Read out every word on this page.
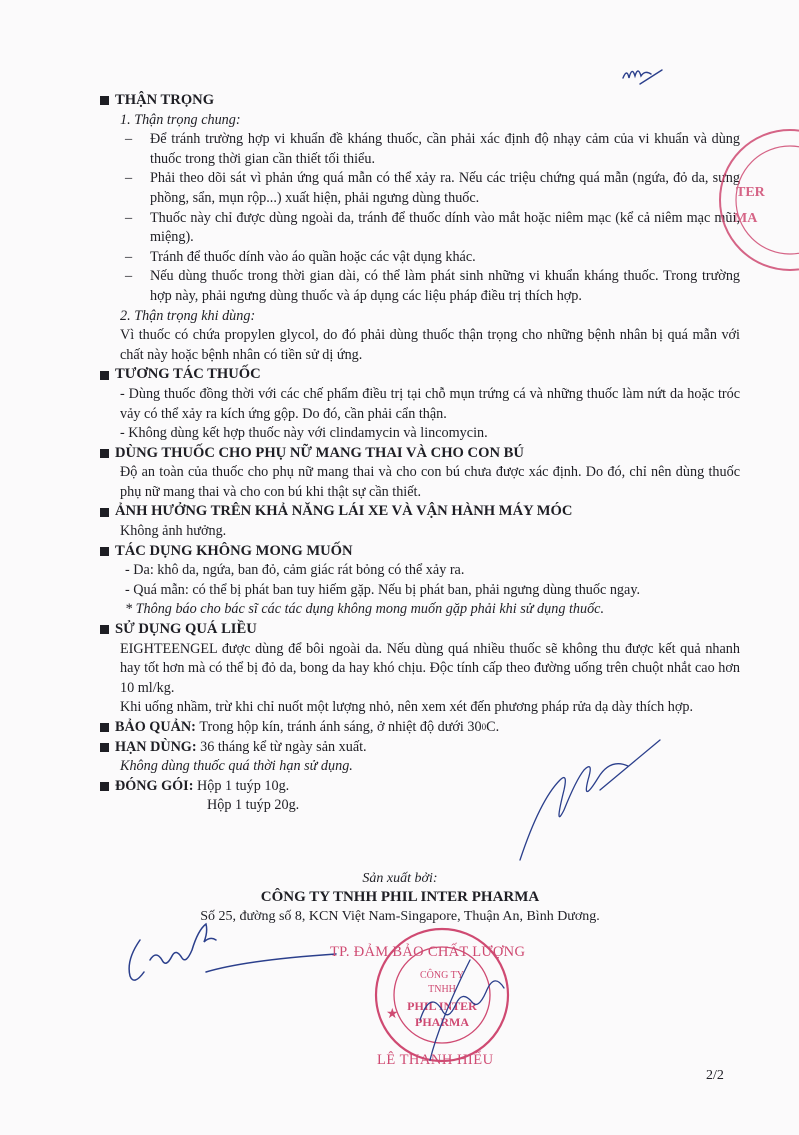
THẬN TRỌNG
1. Thận trọng chung:
– Để tránh trường hợp vi khuẩn đề kháng thuốc, cần phải xác định độ nhạy cảm của vi khuẩn và dùng thuốc trong thời gian cần thiết tối thiểu.
– Phải theo dõi sát vì phản ứng quá mẫn có thể xảy ra. Nếu các triệu chứng quá mẫn (ngứa, đỏ da, sưng phồng, sẩn, mụn rộp...) xuất hiện, phải ngưng dùng thuốc.
– Thuốc này chỉ được dùng ngoài da, tránh để thuốc dính vào mắt hoặc niêm mạc (kể cả niêm mạc mũi, miệng).
– Tránh để thuốc dính vào áo quần hoặc các vật dụng khác.
– Nếu dùng thuốc trong thời gian dài, có thể làm phát sinh những vi khuẩn kháng thuốc. Trong trường hợp này, phải ngưng dùng thuốc và áp dụng các liệu pháp điều trị thích hợp.
2. Thận trọng khi dùng:
Vì thuốc có chứa propylen glycol, do đó phải dùng thuốc thận trọng cho những bệnh nhân bị quá mẫn với chất này hoặc bệnh nhân có tiền sử dị ứng.
TƯƠNG TÁC THUỐC
- Dùng thuốc đồng thời với các chế phẩm điều trị tại chỗ mụn trứng cá và những thuốc làm nứt da hoặc tróc vảy có thể xảy ra kích ứng gộp. Do đó, cần phải cẩn thận.
- Không dùng kết hợp thuốc này với clindamycin và lincomycin.
DÙNG THUỐC CHO PHỤ NỮ MANG THAI VÀ CHO CON BÚ
Độ an toàn của thuốc cho phụ nữ mang thai và cho con bú chưa được xác định. Do đó, chỉ nên dùng thuốc phụ nữ mang thai và cho con bú khi thật sự cần thiết.
ẢNH HƯỞNG TRÊN KHẢ NĂNG LÁI XE VÀ VẬN HÀNH MÁY MÓC
Không ảnh hưởng.
TÁC DỤNG KHÔNG MONG MUỐN
- Da: khô da, ngứa, ban đỏ, cảm giác rát bỏng có thể xảy ra.
- Quá mẫn: có thể bị phát ban tuy hiếm gặp. Nếu bị phát ban, phải ngưng dùng thuốc ngay.
* Thông báo cho bác sĩ các tác dụng không mong muốn gặp phải khi sử dụng thuốc.
SỬ DỤNG QUÁ LIỀU
EIGHTEENGEL được dùng để bôi ngoài da. Nếu dùng quá nhiều thuốc sẽ không thu được kết quả nhanh hay tốt hơn mà có thể bị đỏ da, bong da hay khó chịu. Độc tính cấp theo đường uống trên chuột nhắt cao hơn 10 ml/kg.
Khi uống nhầm, trừ khi chỉ nuốt một lượng nhỏ, nên xem xét đến phương pháp rửa dạ dày thích hợp.
BẢO QUẢN:
Trong hộp kín, tránh ánh sáng, ở nhiệt độ dưới 30 0 C.
HẠN DÙNG:
36 tháng kể từ ngày sản xuất.
Không dùng thuốc quá thời hạn sử dụng.
ĐÓNG GÓI:
Hộp 1 tuýp 10g.
Hộp 1 tuýp 20g.
Sản xuất bởi:
CÔNG TY TNHH PHIL INTER PHARMA
Số 25, đường số 8, KCN Việt Nam-Singapore, Thuận An, Bình Dương.
TER
MA
CÔNG TY
TNHH
PHIL INTER
PHARMA
★
TP. ĐẢM BẢO CHẤT LƯỢNG
LÊ THANH HIẾU
2/2
